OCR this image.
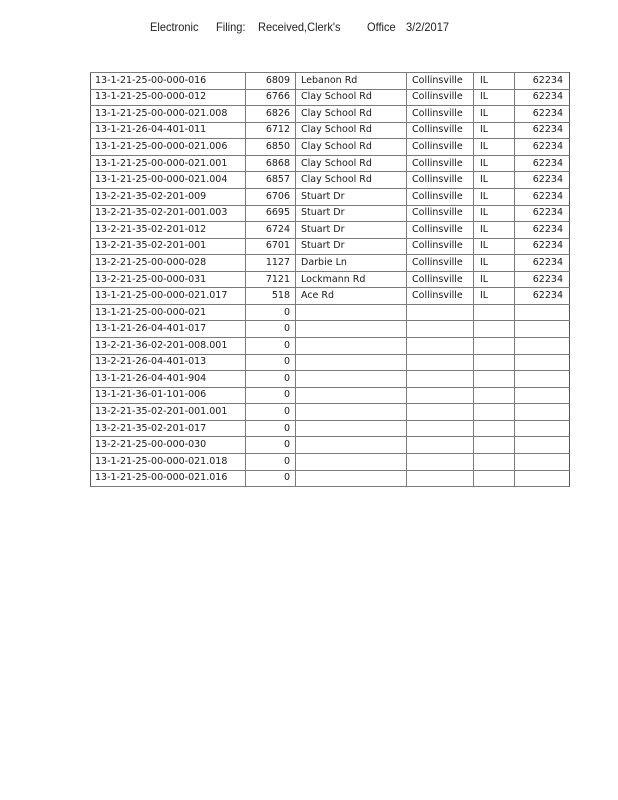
Electronic Filing: Received,Clerk's Office 3/2/2017
13-1-21-25-00-000-016	6809	Lebanon Rd	Collinsville	IL	62234
13-1-21-25-00-000-012	6766	Clay School Rd	Collinsville	IL	62234
13-1-21-25-00-000-021.008	6826	Clay School Rd	Collinsville	IL	62234
13-1-21-26-04-401-011	6712	Clay School Rd	Collinsville	IL	62234
13-1-21-25-00-000-021.006	6850	Clay School Rd	Collinsville	IL	62234
13-1-21-25-00-000-021.001	6868	Clay School Rd	Collinsville	IL	62234
13-1-21-25-00-000-021.004	6857	Clay School Rd	Collinsville	IL	62234
13-2-21-35-02-201-009	6706	Stuart Dr	Collinsville	IL	62234
13-2-21-35-02-201-001.003	6695	Stuart Dr	Collinsville	IL	62234
13-2-21-35-02-201-012	6724	Stuart Dr	Collinsville	IL	62234
13-2-21-35-02-201-001	6701	Stuart Dr	Collinsville	IL	62234
13-2-21-25-00-000-028	1127	Darbie Ln	Collinsville	IL	62234
13-2-21-25-00-000-031	7121	Lockmann Rd	Collinsville	IL	62234
13-1-21-25-00-000-021.017	518	Ace Rd	Collinsville	IL	62234
13-1-21-25-00-000-021	0				
13-1-21-26-04-401-017	0				
13-2-21-36-02-201-008.001	0				
13-2-21-26-04-401-013	0				
13-1-21-26-04-401-904	0				
13-1-21-36-01-101-006	0				
13-2-21-35-02-201-001.001	0				
13-2-21-35-02-201-017	0				
13-2-21-25-00-000-030	0				
13-1-21-25-00-000-021.018	0				
13-1-21-25-00-000-021.016	0				
